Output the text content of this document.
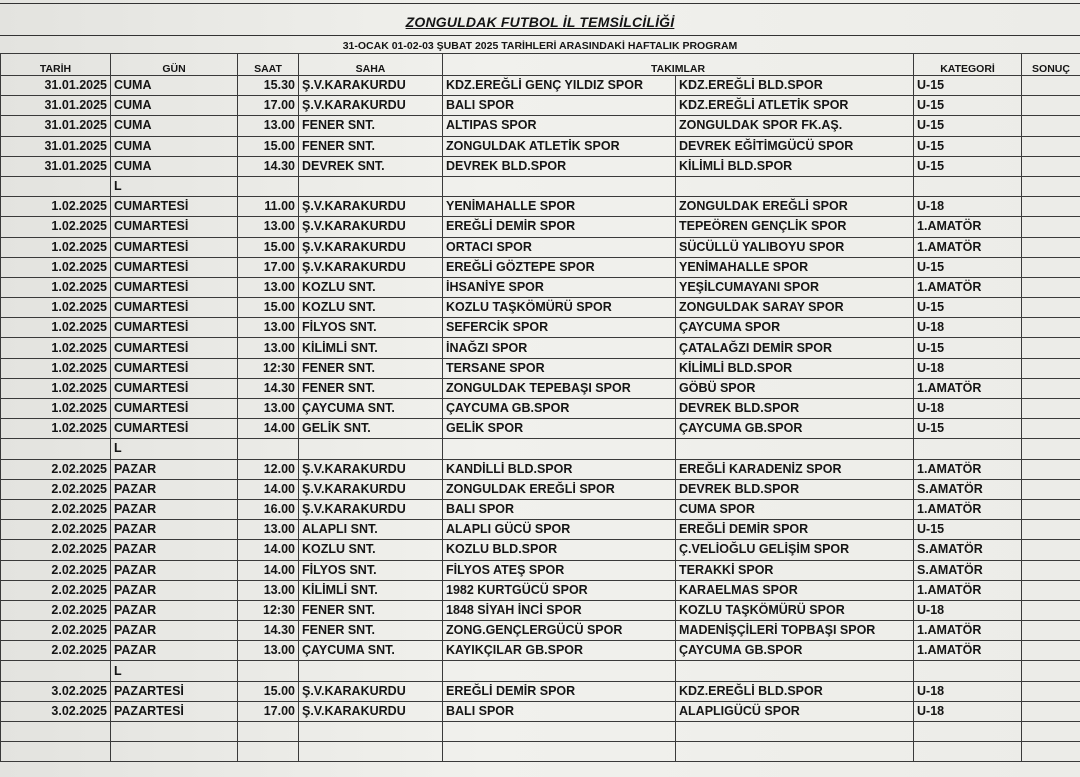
ZONGULDAK FUTBOL İL TEMSİLCİLİĞİ
31-OCAK 01-02-03 ŞUBAT 2025 TARİHLERİ ARASINDAKİ HAFTALIK PROGRAM
TARİH	GÜN	SAAT	SAHA	TAKIMLAR		KATEGORİ	SONUÇ
31.01.2025	CUMA	15.30	Ş.V.KARAKURDU	KDZ.EREĞLİ GENÇ YILDIZ SPOR	KDZ.EREĞLİ BLD.SPOR	U-15	
31.01.2025	CUMA	17.00	Ş.V.KARAKURDU	BALI SPOR	KDZ.EREĞLİ ATLETİK SPOR	U-15	
31.01.2025	CUMA	13.00	FENER SNT.	ALTIPAS SPOR	ZONGULDAK SPOR FK.AŞ.	U-15	
31.01.2025	CUMA	15.00	FENER SNT.	ZONGULDAK ATLETİK SPOR	DEVREK EĞİTİMGÜCÜ SPOR	U-15	
31.01.2025	CUMA	14.30	DEVREK SNT.	DEVREK BLD.SPOR	KİLİMLİ BLD.SPOR	U-15	
	L						
1.02.2025	CUMARTESİ	11.00	Ş.V.KARAKURDU	YENİMAHALLE SPOR	ZONGULDAK EREĞLİ SPOR	U-18	
1.02.2025	CUMARTESİ	13.00	Ş.V.KARAKURDU	EREĞLİ DEMİR SPOR	TEPEÖREN GENÇLİK SPOR	1.AMATÖR	
1.02.2025	CUMARTESİ	15.00	Ş.V.KARAKURDU	ORTACI SPOR	SÜCÜLLÜ YALIBOYU SPOR	1.AMATÖR	
1.02.2025	CUMARTESİ	17.00	Ş.V.KARAKURDU	EREĞLİ GÖZTEPE SPOR	YENİMAHALLE SPOR	U-15	
1.02.2025	CUMARTESİ	13.00	KOZLU SNT.	İHSANİYE SPOR	YEŞİLCUMAYANI SPOR	1.AMATÖR	
1.02.2025	CUMARTESİ	15.00	KOZLU SNT.	KOZLU TAŞKÖMÜRÜ SPOR	ZONGULDAK SARAY SPOR	U-15	
1.02.2025	CUMARTESİ	13.00	FİLYOS SNT.	SEFERCİK SPOR	ÇAYCUMA SPOR	U-18	
1.02.2025	CUMARTESİ	13.00	KİLİMLİ SNT.	İNAĞZI SPOR	ÇATALAĞZI DEMİR SPOR	U-15	
1.02.2025	CUMARTESİ	12:30	FENER SNT.	TERSANE SPOR	KİLİMLİ BLD.SPOR	U-18	
1.02.2025	CUMARTESİ	14.30	FENER SNT.	ZONGULDAK TEPEBAŞI SPOR	GÖBÜ SPOR	1.AMATÖR	
1.02.2025	CUMARTESİ	13.00	ÇAYCUMA SNT.	ÇAYCUMA GB.SPOR	DEVREK BLD.SPOR	U-18	
1.02.2025	CUMARTESİ	14.00	GELİK SNT.	GELİK SPOR	ÇAYCUMA GB.SPOR	U-15	
	L						
2.02.2025	PAZAR	12.00	Ş.V.KARAKURDU	KANDİLLİ BLD.SPOR	EREĞLİ KARADENİZ SPOR	1.AMATÖR	
2.02.2025	PAZAR	14.00	Ş.V.KARAKURDU	ZONGULDAK EREĞLİ SPOR	DEVREK BLD.SPOR	S.AMATÖR	
2.02.2025	PAZAR	16.00	Ş.V.KARAKURDU	BALI SPOR	CUMA SPOR	1.AMATÖR	
2.02.2025	PAZAR	13.00	ALAPLI SNT.	ALAPLI GÜCÜ SPOR	EREĞLİ DEMİR SPOR	U-15	
2.02.2025	PAZAR	14.00	KOZLU SNT.	KOZLU BLD.SPOR	Ç.VELİOĞLU GELİŞİM SPOR	S.AMATÖR	
2.02.2025	PAZAR	14.00	FİLYOS SNT.	FİLYOS ATEŞ SPOR	TERAKKİ SPOR	S.AMATÖR	
2.02.2025	PAZAR	13.00	KİLİMLİ SNT.	1982 KURTGÜCÜ SPOR	KARAELMAS SPOR	1.AMATÖR	
2.02.2025	PAZAR	12:30	FENER SNT.	1848 SİYAH İNCİ SPOR	KOZLU TAŞKÖMÜRÜ SPOR	U-18	
2.02.2025	PAZAR	14.30	FENER SNT.	ZONG.GENÇLERGÜCÜ SPOR	MADENİŞÇİLERİ TOPBAŞI SPOR	1.AMATÖR	
2.02.2025	PAZAR	13.00	ÇAYCUMA SNT.	KAYIKÇILAR GB.SPOR	ÇAYCUMA GB.SPOR	1.AMATÖR	
	L						
3.02.2025	PAZARTESİ	15.00	Ş.V.KARAKURDU	EREĞLİ DEMİR SPOR	KDZ.EREĞLİ BLD.SPOR	U-18	
3.02.2025	PAZARTESİ	17.00	Ş.V.KARAKURDU	BALI SPOR	ALAPLIGÜCÜ SPOR	U-18	
